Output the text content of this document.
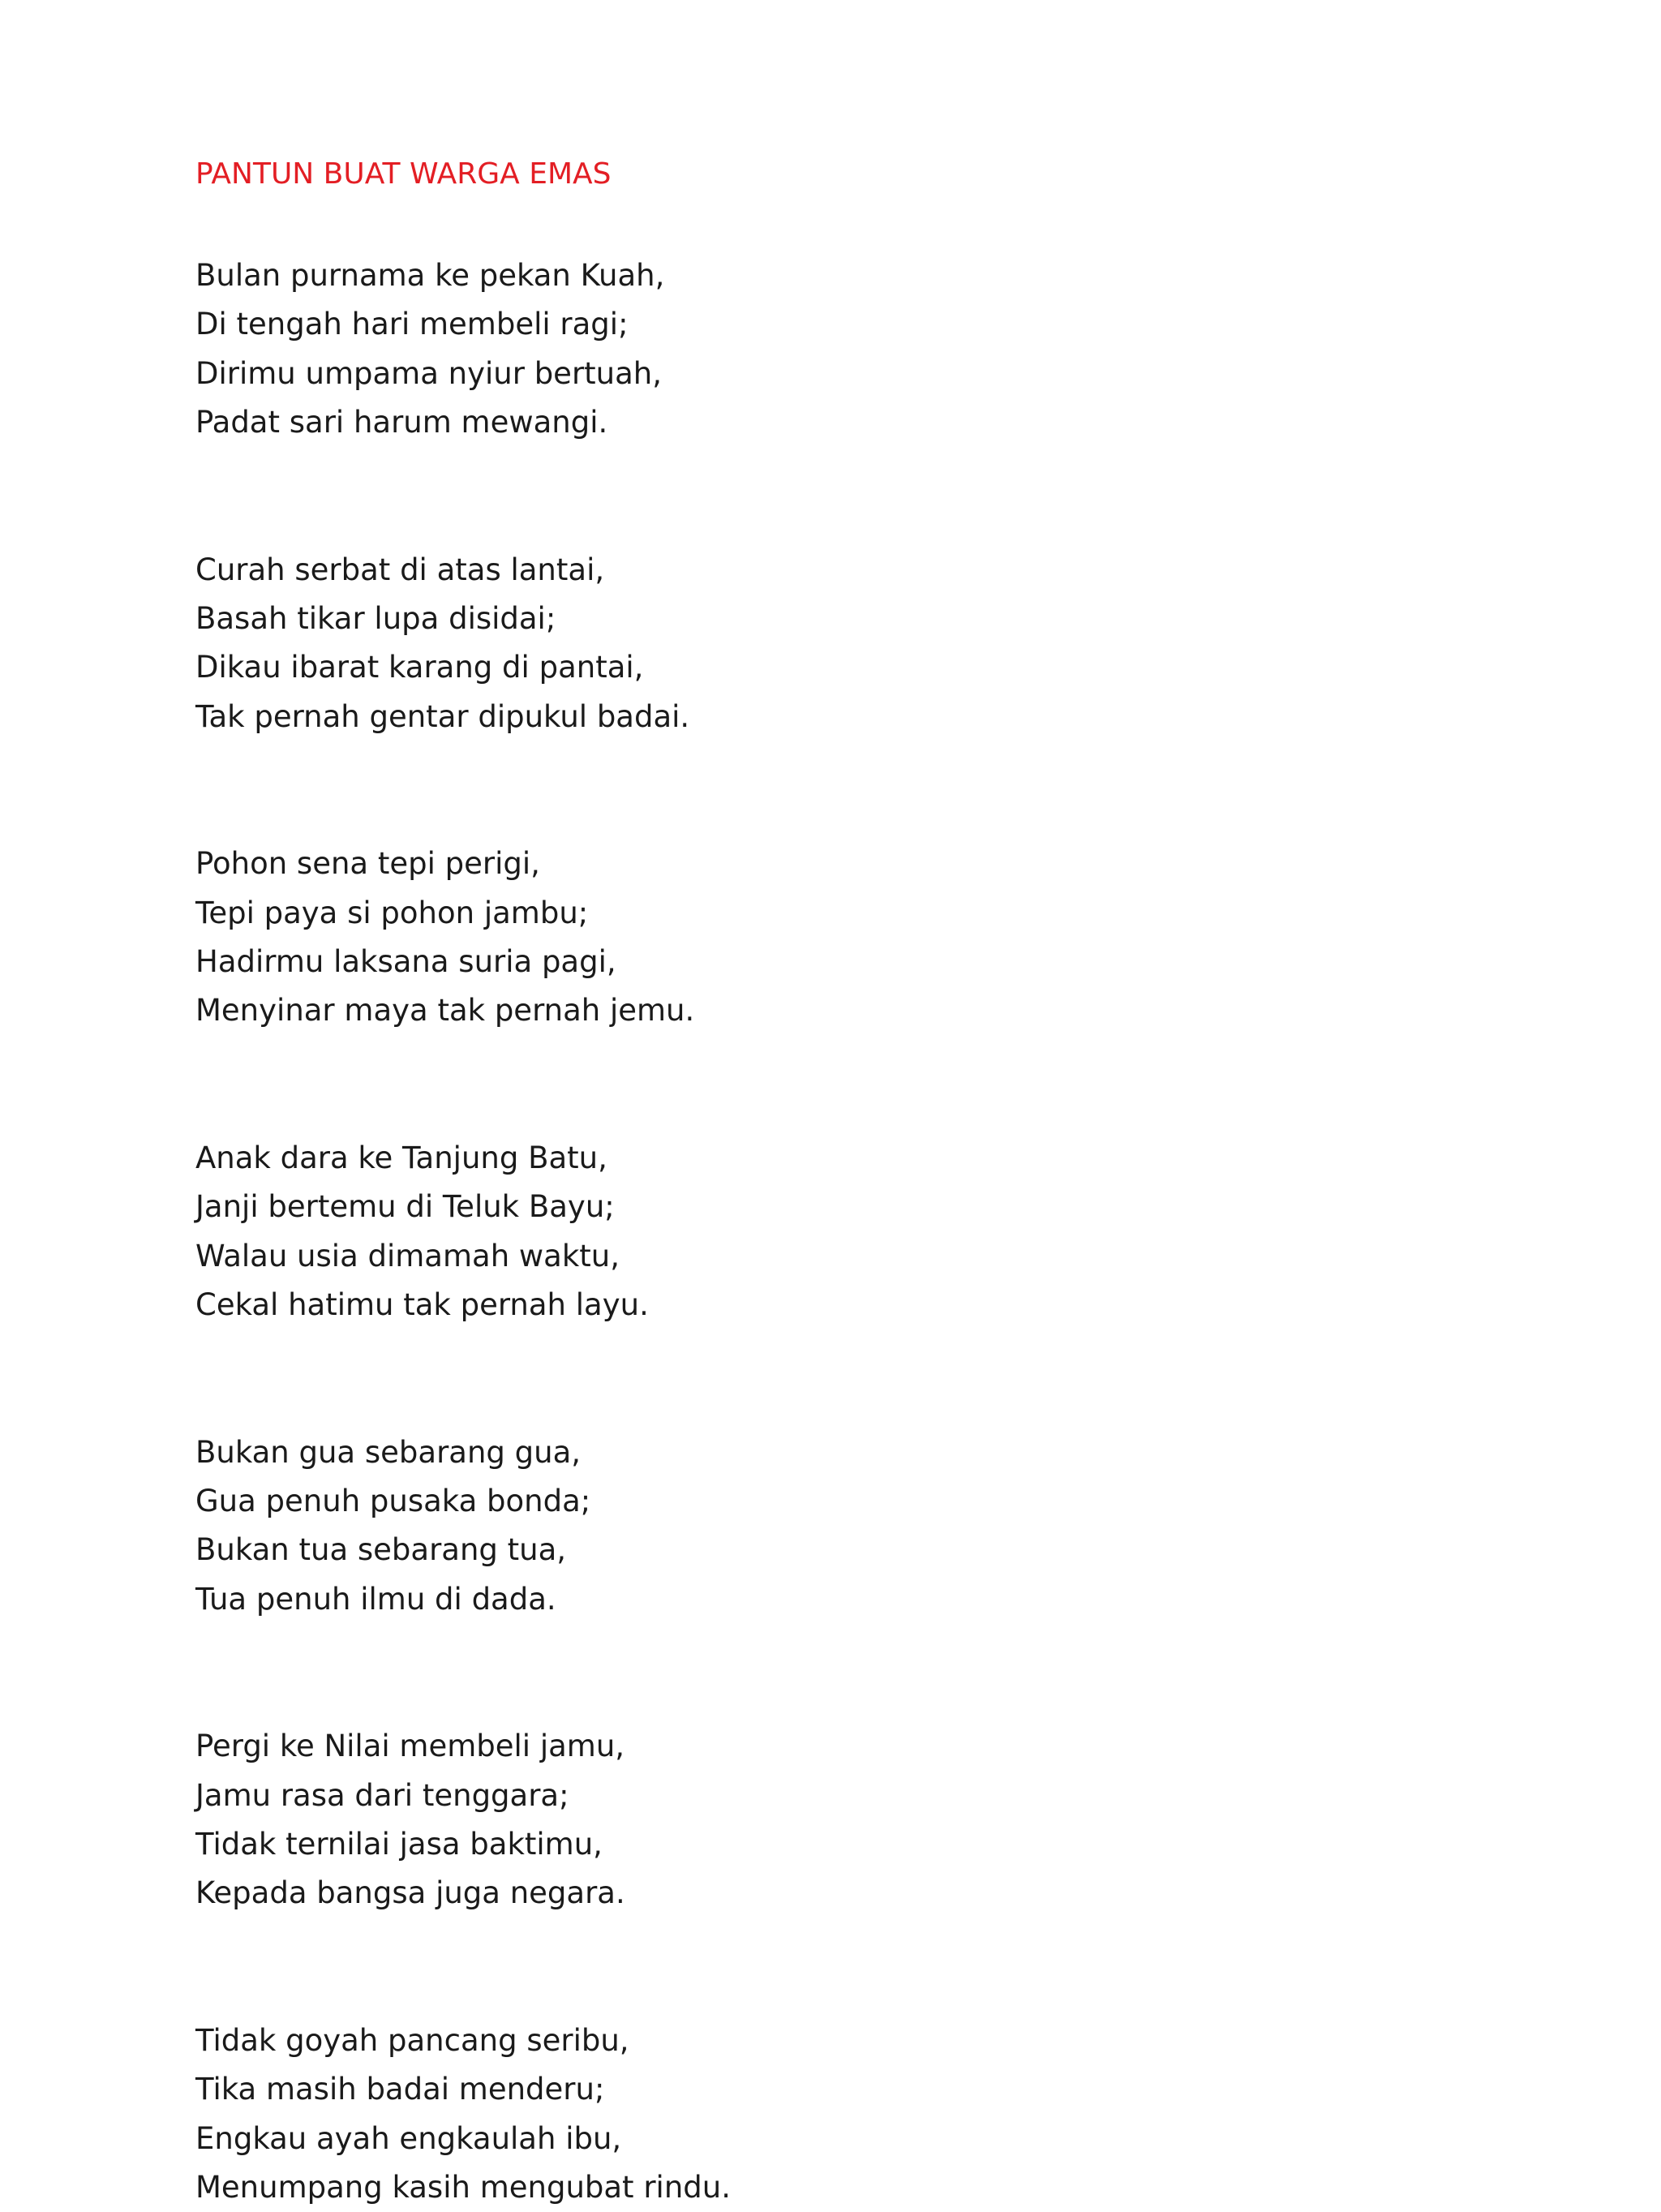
PANTUN BUAT WARGA EMAS
Bulan purnama ke pekan Kuah,
Di tengah hari membeli ragi;
Dirimu umpama nyiur bertuah,
Padat sari harum mewangi.
Curah serbat di atas lantai,
Basah tikar lupa disidai;
Dikau ibarat karang di pantai,
Tak pernah gentar dipukul badai.
Pohon sena tepi perigi,
Tepi paya si pohon jambu;
Hadirmu laksana suria pagi,
Menyinar maya tak pernah jemu.
Anak dara ke Tanjung Batu,
Janji bertemu di Teluk Bayu;
Walau usia dimamah waktu,
Cekal hatimu tak pernah layu.
Bukan gua sebarang gua,
Gua penuh pusaka bonda;
Bukan tua sebarang tua,
Tua penuh ilmu di dada.
Pergi ke Nilai membeli jamu,
Jamu rasa dari tenggara;
Tidak ternilai jasa baktimu,
Kepada bangsa juga negara.
Tidak goyah pancang seribu,
Tika masih badai menderu;
Engkau ayah engkaulah ibu,
Menumpang kasih mengubat rindu.
